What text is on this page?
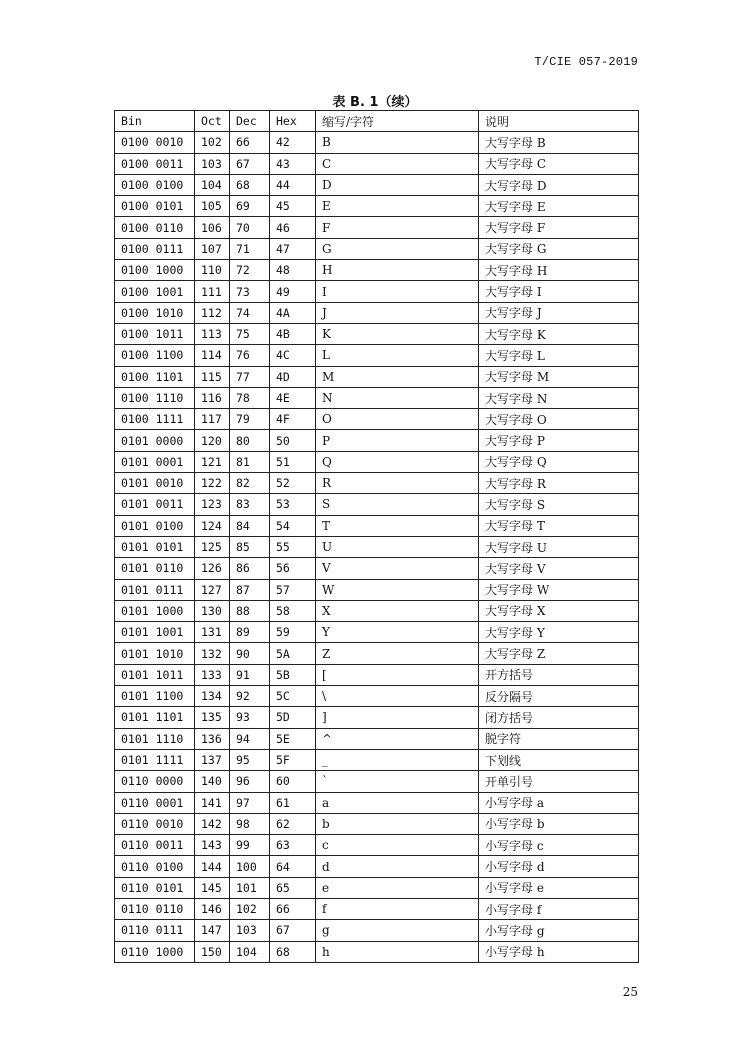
T/CIE 057-2019
表 B. 1（续）
Bin	Oct	Dec	Hex	缩写/字符	说明
0100 0010	102	66	42	B	大写字母 B
0100 0011	103	67	43	C	大写字母 C
0100 0100	104	68	44	D	大写字母 D
0100 0101	105	69	45	E	大写字母 E
0100 0110	106	70	46	F	大写字母 F
0100 0111	107	71	47	G	大写字母 G
0100 1000	110	72	48	H	大写字母 H
0100 1001	111	73	49	I	大写字母 I
0100 1010	112	74	4A	J	大写字母 J
0100 1011	113	75	4B	K	大写字母 K
0100 1100	114	76	4C	L	大写字母 L
0100 1101	115	77	4D	M	大写字母 M
0100 1110	116	78	4E	N	大写字母 N
0100 1111	117	79	4F	O	大写字母 O
0101 0000	120	80	50	P	大写字母 P
0101 0001	121	81	51	Q	大写字母 Q
0101 0010	122	82	52	R	大写字母 R
0101 0011	123	83	53	S	大写字母 S
0101 0100	124	84	54	T	大写字母 T
0101 0101	125	85	55	U	大写字母 U
0101 0110	126	86	56	V	大写字母 V
0101 0111	127	87	57	W	大写字母 W
0101 1000	130	88	58	X	大写字母 X
0101 1001	131	89	59	Y	大写字母 Y
0101 1010	132	90	5A	Z	大写字母 Z
0101 1011	133	91	5B	[	开方括号
0101 1100	134	92	5C	\	反分隔号
0101 1101	135	93	5D	]	闭方括号
0101 1110	136	94	5E	^	脱字符
0101 1111	137	95	5F	_	下划线
0110 0000	140	96	60	`	开单引号
0110 0001	141	97	61	a	小写字母 a
0110 0010	142	98	62	b	小写字母 b
0110 0011	143	99	63	c	小写字母 c
0110 0100	144	100	64	d	小写字母 d
0110 0101	145	101	65	e	小写字母 e
0110 0110	146	102	66	f	小写字母 f
0110 0111	147	103	67	g	小写字母 g
0110 1000	150	104	68	h	小写字母 h
25
